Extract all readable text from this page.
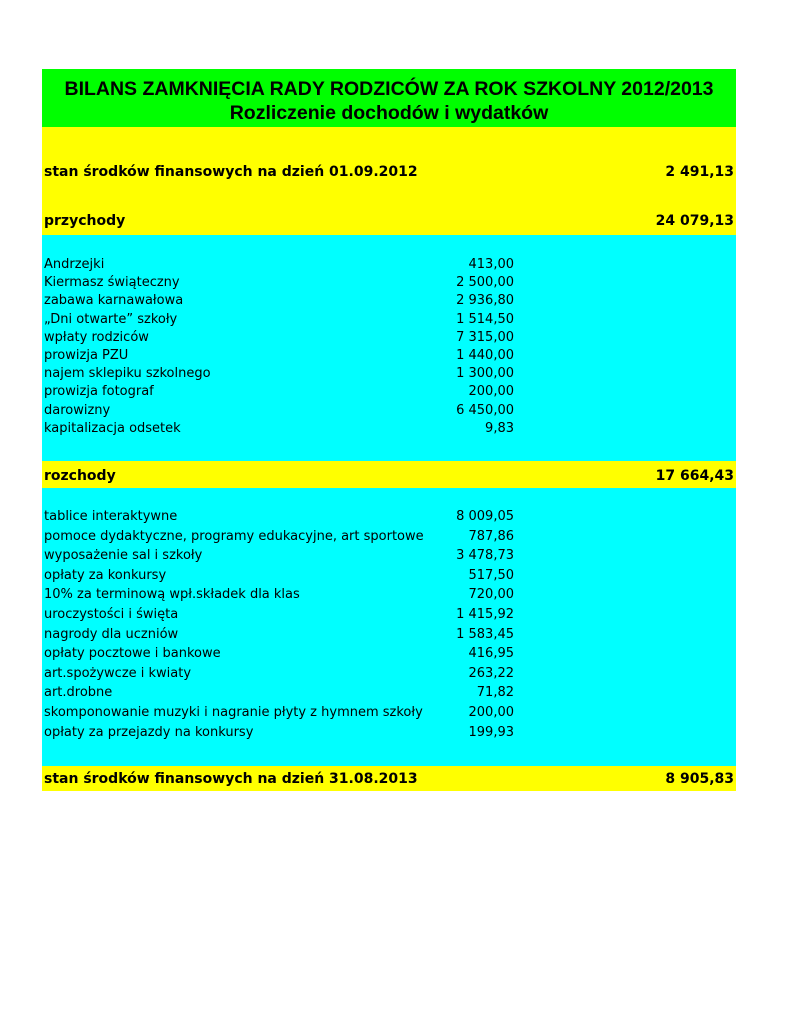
BILANS ZAMKNIĘCIA RADY RODZICÓW ZA ROK SZKOLNY 2012/2013
Rozliczenie dochodów i wydatków
stan środków finansowych na dzień 01.09.2012	2 491,13
przychody	24 079,13
Andrzejki	413,00
Kiermasz świąteczny	2 500,00
zabawa karnawałowa	2 936,80
„Dni otwarte” szkoły	1 514,50
wpłaty rodziców	7 315,00
prowizja PZU	1 440,00
najem sklepiku szkolnego	1 300,00
prowizja fotograf	200,00
darowizny	6 450,00
kapitalizacja odsetek	9,83
rozchody	17 664,43
tablice interaktywne	8 009,05
pomoce dydaktyczne, programy edukacyjne, art sportowe	787,86
wyposażenie sal i szkoły	3 478,73
opłaty za konkursy	517,50
10% za terminową wpł.składek dla klas	720,00
uroczystości i święta	1 415,92
nagrody dla uczniów	1 583,45
opłaty pocztowe i bankowe	416,95
art.spożywcze i kwiaty	263,22
art.drobne	71,82
skomponowanie muzyki i nagranie płyty z hymnem szkoły	200,00
opłaty za przejazdy na konkursy	199,93
stan środków finansowych na dzień 31.08.2013	8 905,83
